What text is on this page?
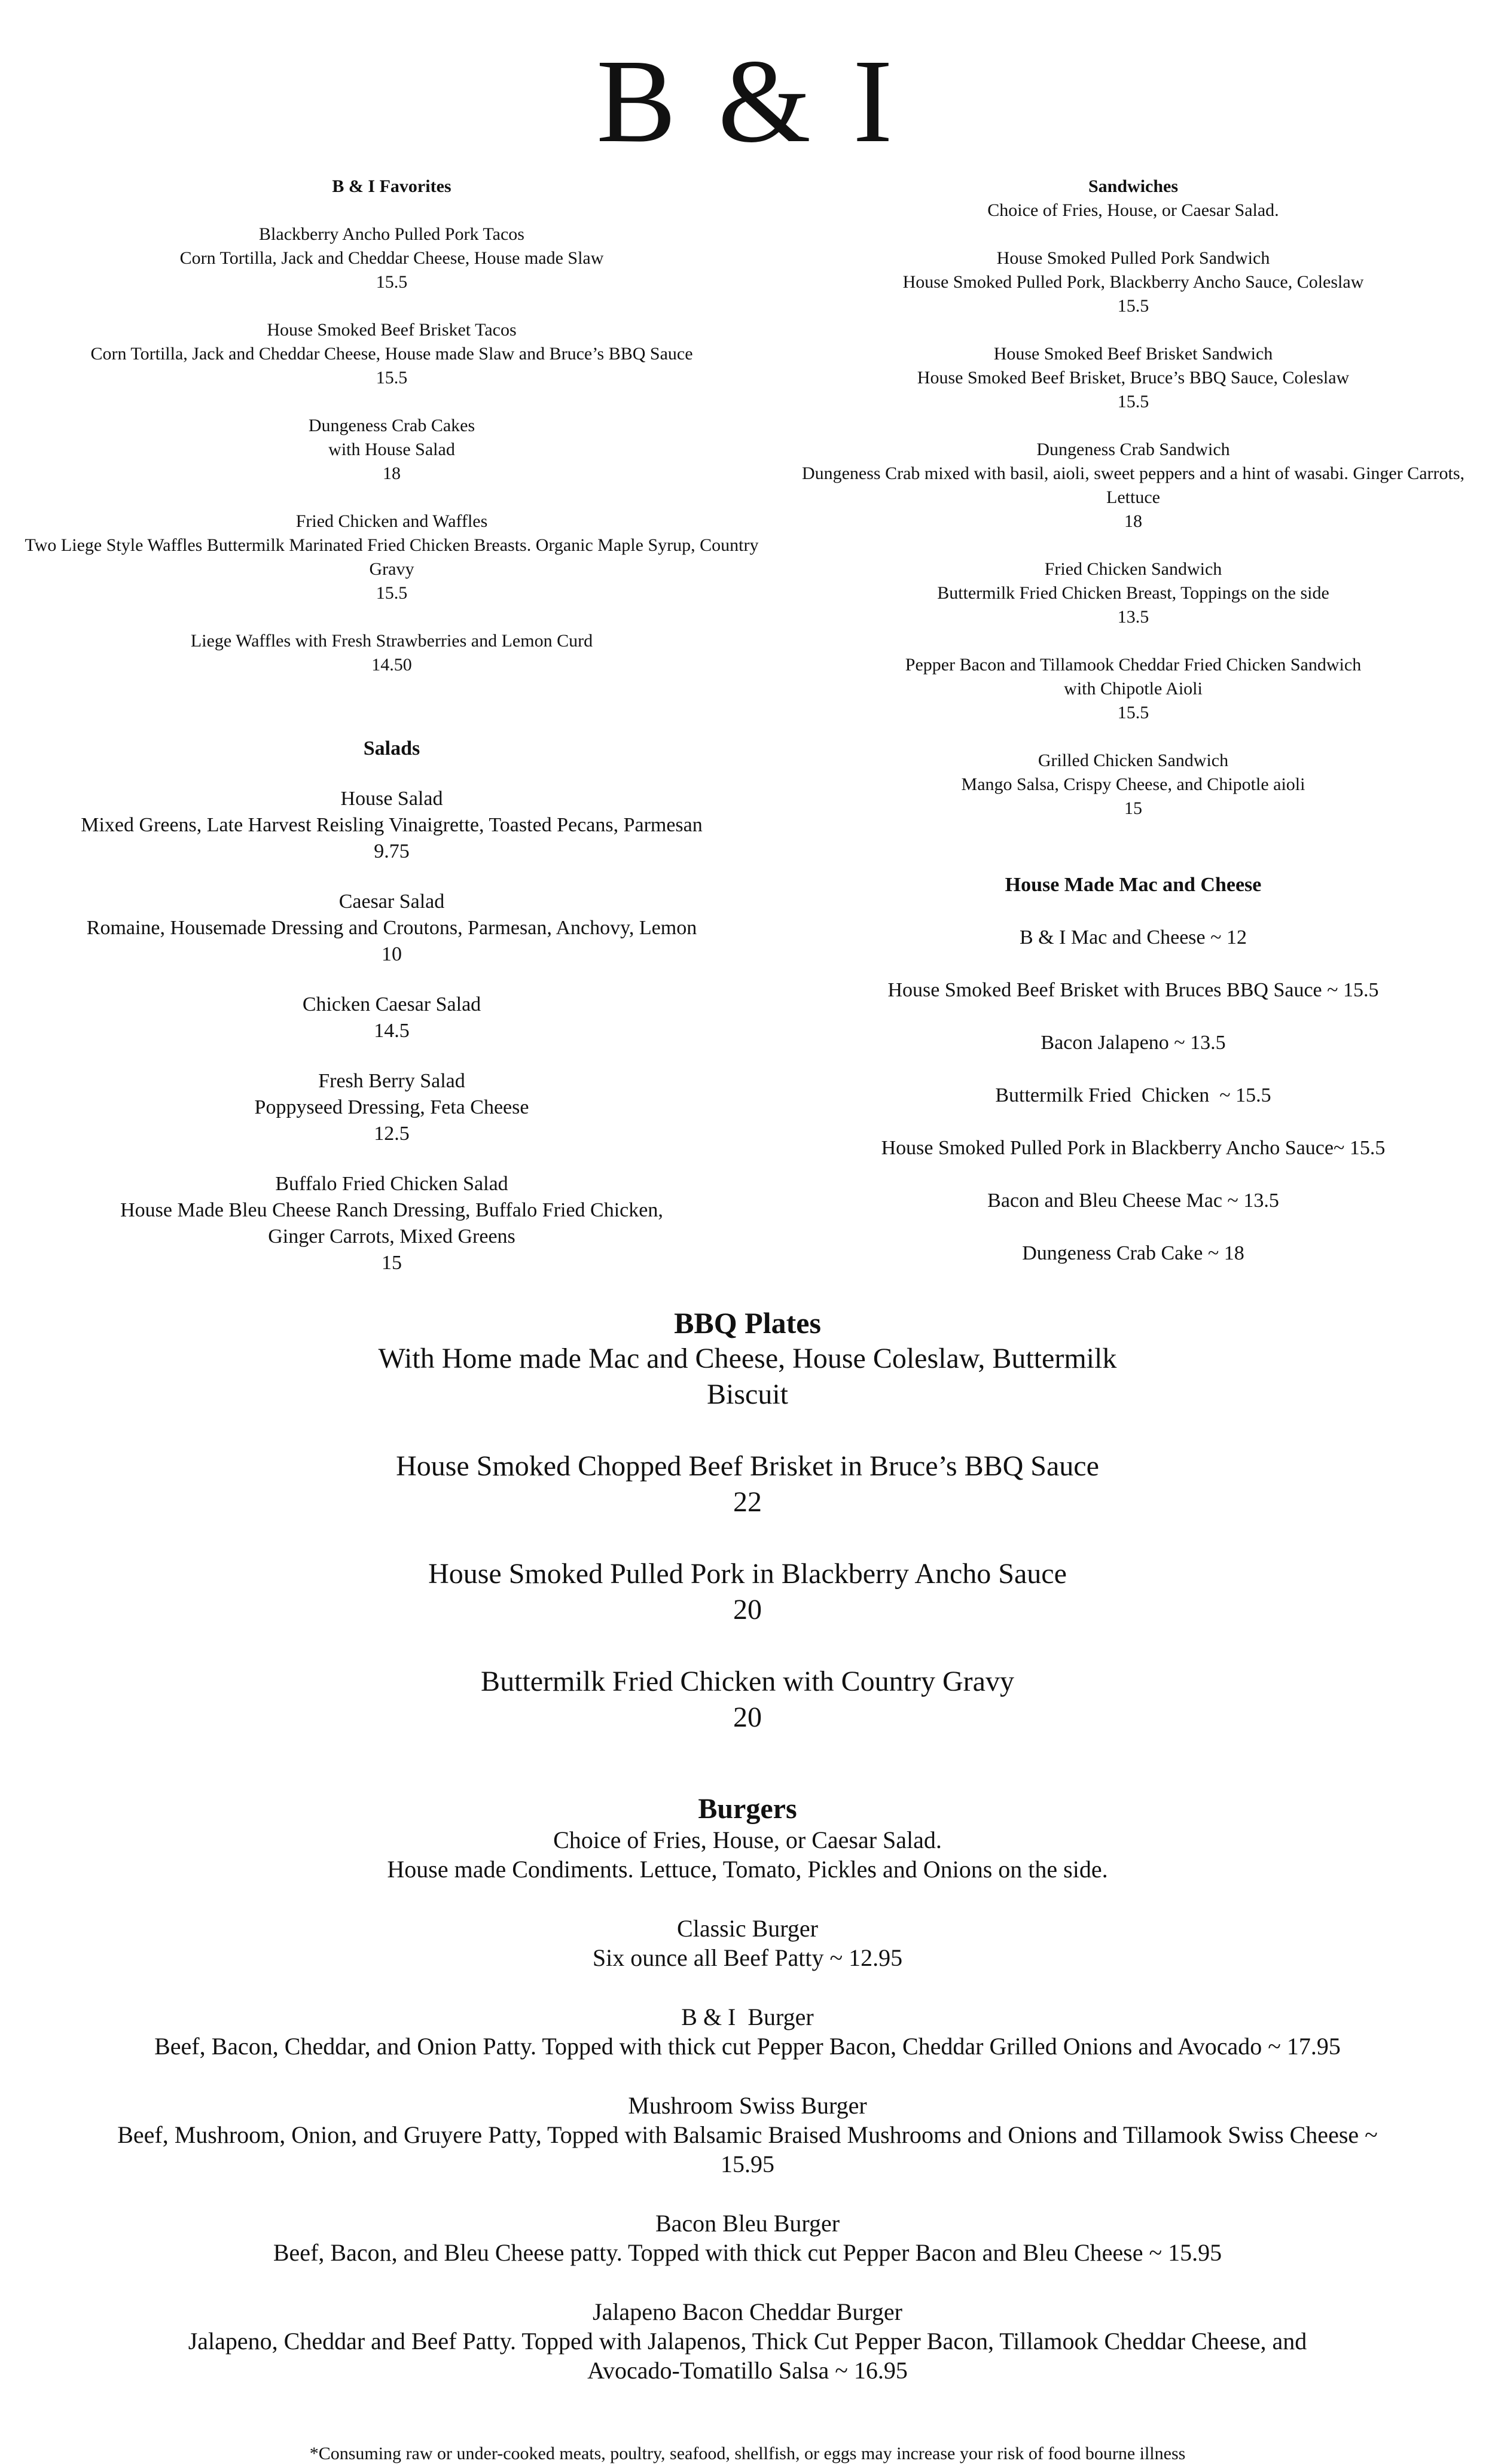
B & I
B & I Favorites
Blackberry Ancho Pulled Pork Tacos
Corn Tortilla, Jack and Cheddar Cheese, House made Slaw
15.5
House Smoked Beef Brisket Tacos
Corn Tortilla, Jack and Cheddar Cheese, House made Slaw and Bruce’s BBQ Sauce
15.5
Dungeness Crab Cakes
with House Salad
18
Fried Chicken and Waffles
Two Liege Style Waffles Buttermilk Marinated Fried Chicken Breasts. Organic Maple Syrup, Country Gravy
15.5
Liege Waffles with Fresh Strawberries and Lemon Curd
14.50
Salads
House Salad
Mixed Greens, Late Harvest Reisling Vinaigrette, Toasted Pecans, Parmesan
9.75
Caesar Salad
Romaine, Housemade Dressing and Croutons, Parmesan, Anchovy, Lemon
10
Chicken Caesar Salad
14.5
Fresh Berry Salad
Poppyseed Dressing, Feta Cheese
12.5
Buffalo Fried Chicken Salad
House Made Bleu Cheese Ranch Dressing, Buffalo Fried Chicken, Ginger Carrots, Mixed Greens
15
Sandwiches
Choice of Fries, House, or Caesar Salad.
House Smoked Pulled Pork Sandwich
House Smoked Pulled Pork, Blackberry Ancho Sauce, Coleslaw
15.5
House Smoked Beef Brisket Sandwich
House Smoked Beef Brisket, Bruce’s BBQ Sauce, Coleslaw
15.5
Dungeness Crab Sandwich
Dungeness Crab mixed with basil, aioli, sweet peppers and a hint of wasabi. Ginger Carrots, Lettuce
18
Fried Chicken Sandwich
Buttermilk Fried Chicken Breast, Toppings on the side
13.5
Pepper Bacon and Tillamook Cheddar Fried Chicken Sandwich
with Chipotle Aioli
15.5
Grilled Chicken Sandwich
Mango Salsa, Crispy Cheese, and Chipotle aioli
15
House Made Mac and Cheese
B & I Mac and Cheese ~ 12
House Smoked Beef Brisket with Bruces BBQ Sauce ~ 15.5
Bacon Jalapeno ~ 13.5
Buttermilk Fried  Chicken  ~ 15.5
House Smoked Pulled Pork in Blackberry Ancho Sauce~ 15.5
Bacon and Bleu Cheese Mac ~ 13.5
Dungeness Crab Cake ~ 18
BBQ Plates
With Home made Mac and Cheese, House Coleslaw, Buttermilk Biscuit
House Smoked Chopped Beef Brisket in Bruce’s BBQ Sauce
22
House Smoked Pulled Pork in Blackberry Ancho Sauce
20
Buttermilk Fried Chicken with Country Gravy
20
Burgers
Choice of Fries, House, or Caesar Salad.
House made Condiments. Lettuce, Tomato, Pickles and Onions on the side.
Classic Burger
Six ounce all Beef Patty ~ 12.95
B & I  Burger
Beef, Bacon, Cheddar, and Onion Patty. Topped with thick cut Pepper Bacon, Cheddar Grilled Onions and Avocado ~ 17.95
Mushroom Swiss Burger
Beef, Mushroom, Onion, and Gruyere Patty, Topped with Balsamic Braised Mushrooms and Onions and Tillamook Swiss Cheese ~ 15.95
Bacon Bleu Burger
Beef, Bacon, and Bleu Cheese patty. Topped with thick cut Pepper Bacon and Bleu Cheese ~ 15.95
Jalapeno Bacon Cheddar Burger
Jalapeno, Cheddar and Beef Patty. Topped with Jalapenos, Thick Cut Pepper Bacon, Tillamook Cheddar Cheese, and Avocado-Tomatillo Salsa ~ 16.95
*Consuming raw or under-cooked meats, poultry, seafood, shellfish, or eggs may increase your risk of food bourne illness
